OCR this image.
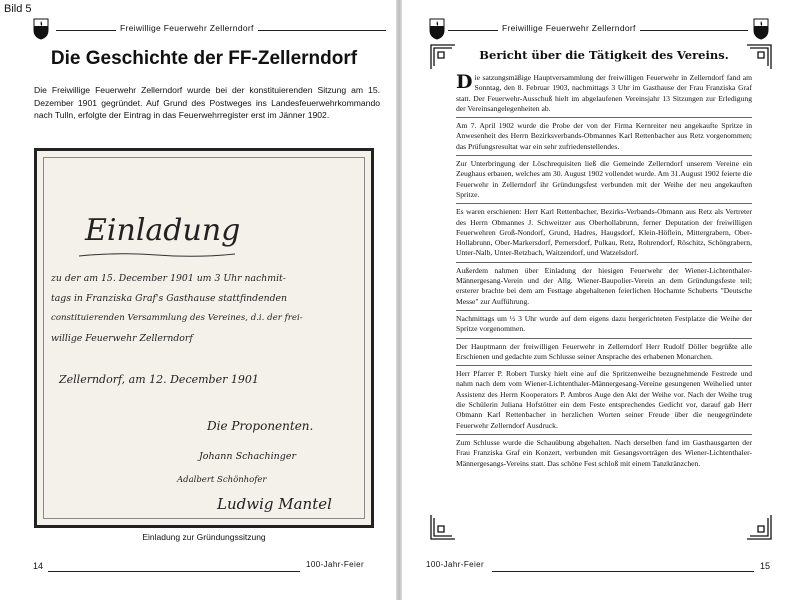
Bild 5
Freiwillige Feuerwehr Zellerndorf
Die Geschichte der FF-Zellerndorf
Die Freiwillige Feuerwehr Zellerndorf wurde bei der konstituierenden Sitzung am 15. Dezember 1901 gegründet. Auf Grund des Postweges ins Landesfeuerwehrkommando nach Tulln, erfolgte der Eintrag in das Feuerwehrregister erst im Jänner 1902.
Einladung
zu der am 15. December 1901 um 3 Uhr nachmit-
tags in Franziska Graf's Gasthause stattfindenden
constituierenden Versammlung des Vereines, d.i. der frei-
willige Feuerwehr Zellerndorf
Zellerndorf, am 12. December 1901
Die Proponenten.
Johann Schachinger
Adalbert Schönhofer
Ludwig Mantel
Einladung zur Gründungssitzung
14	100-Jahr-Feier
Freiwillige Feuerwehr Zellerndorf
Bericht über die Tätigkeit des Vereins.

Die satzungsmäßige Hauptversammlung der freiwilligen Feuerwehr in Zellerndorf fand am Sonntag, den 8. Februar 1903, nachmittags 3 Uhr im Gasthause der Frau Franziska Graf statt. Der Feuerwehr-Ausschuß hielt im abgelaufenen Vereinsjahr 13 Sitzungen zur Erledigung der Vereinsangelegenheiten ab.

Am 7. April 1902 wurde die Probe der von der Firma Kernreiter neu angekaufte Spritze in Anwesenheit des Herrn Bezirksverbands-Obmannes Karl Rettenbacher aus Retz vorgenommen; das Prüfungsresultat war ein sehr zufriedenstellendes.

Zur Unterbringung der Löschrequisiten ließ die Gemeinde Zellerndorf unserem Vereine ein Zeughaus erbauen, welches am 30. August 1902 vollendet wurde. Am 31.August 1902 feierte die Feuerwehr in Zellerndorf ihr Gründungsfest verbunden mit der Weihe der neu angekauften Spritze.

Es waren erschienen: Herr Karl Rettenbacher, Bezirks-Verbands-Obmann aus Retz als Vertreter des Herrn Obmannes J. Schweitzer aus Oberhollabrunn, ferner Deputation der freiwilligen Feuerwehren Groß-Nondorf, Grund, Hadres, Haugsdorf, Klein-Höflein, Mittergrabern, Ober-Hollabrunn, Ober-Markersdorf, Pernersdorf, Pulkau, Retz, Rohrendorf, Röschitz, Schöngrabern, Unter-Nalb, Unter-Retzbach, Waitzendorf, und Watzelsdorf.

Außerdem nahmen über Einladung der hiesigen Feuerwehr der Wiener-Lichtenthaler-Männergesang-Verein und der Allg. Wiener-Baupolier-Verein an dem Gründungsfeste teil; ersterer brachte bei dem am Festtage abgehaltenen feierlichen Hochamte Schuberts "Deutsche Messe" zur Aufführung.

Nachmittags um ½ 3 Uhr wurde auf dem eigens dazu hergerichteten Festplatze die Weihe der Spritze vorgenommen.

Der Hauptmann der freiwilligen Feuerwehr in Zellerndorf Herr Rudolf Döller begrüßte alle Erschienen und gedachte zum Schlusse seiner Ansprache des erhabenen Monarchen.

Herr Pfarrer P. Robert Tursky hielt eine auf die Spritzenweihe bezugnehmende Festrede und nahm nach dem vom Wiener-Lichtenthaler-Männergesang-Vereine gesungenen Weihelied unter Assistenz des Herrn Kooperators P. Ambros Auge den Akt der Weihe vor. Nach der Weihe trug die Schülerin Juliana Hofstötter ein dem Feste entsprechendes Gedicht vor, darauf gab Herr Obmann Karl Rettenbacher in herzlichen Worten seiner Freude über die neugegründete Feuerwehr Zellerndorf Ausdruck.

Zum Schlusse wurde die Schauübung abgehalten. Nach derselben fand im Gasthausgarten der Frau Franziska Graf ein Konzert, verbunden mit Gesangsvorträgen des Wiener-Lichtenthaler-Männergesangs-Vereins statt. Das schöne Fest schloß mit einem Tanzkränzchen.

100-Jahr-Feier	15
